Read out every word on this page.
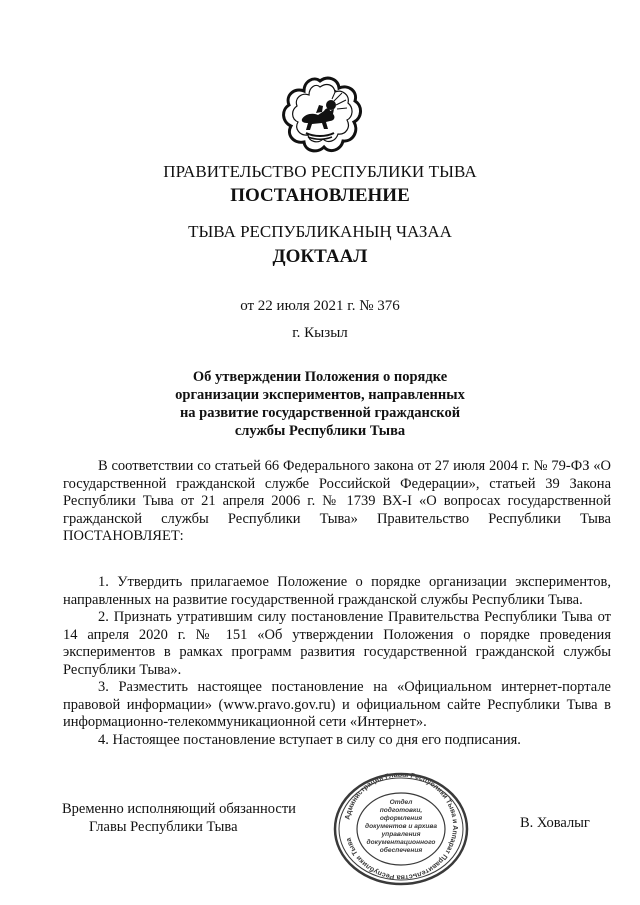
ПРАВИТЕЛЬСТВО РЕСПУБЛИКИ ТЫВА
ПОСТАНОВЛЕНИЕ
ТЫВА РЕСПУБЛИКАНЫҢ ЧАЗАА
ДОКТААЛ
от 22 июля 2021 г. № 376
г. Кызыл
Об утверждении Положения о порядке
организации экспериментов, направленных
на развитие государственной гражданской
службы Республики Тыва

В соответствии со статьей 66 Федерального закона от 27 июля 2004 г. № 79-ФЗ «О государственной гражданской службе Российской Федерации», статьей 39 Закона Республики Тыва от 21 апреля 2006 г. № 1739 ВХ-I «О вопросах государственной гражданской службы Республики Тыва» Правительство Республики Тыва ПОСТАНОВЛЯЕТ:

1. Утвердить прилагаемое Положение о порядке организации экспериментов, направленных на развитие государственной гражданской службы Республики Тыва.

2. Признать утратившим силу постановление Правительства Республики Тыва от 14 апреля 2020 г. № 151 «Об утверждении Положения о порядке проведения экспериментов в рамках программ развития государственной гражданской службы Республики Тыва».

3. Разместить настоящее постановление на «Официальном интернет-портале правовой информации» (www.pravo.gov.ru) и официальном сайте Республики Тыва в информационно-телекоммуникационной сети «Интернет».

4. Настоящее постановление вступает в силу со дня его подписания.

Временно исполняющий обязанности
Главы Республики Тыва
Администрация Главы Республики Тыва и Аппарат Правительства Республики Тыва
Отдел
подготовки,
оформления
документов и архива
управления
документационного
обеспечения
В. Ховалыг
